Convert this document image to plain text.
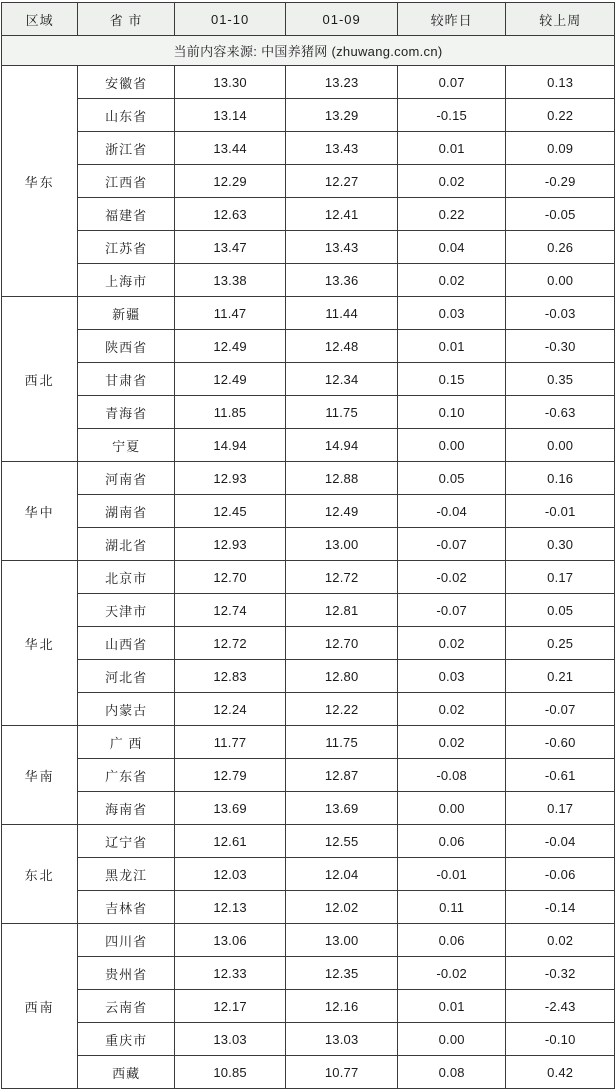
区域	省 市	01-10	01-09	较昨日	较上周
当前内容来源: 中国养猪网 (zhuwang.com.cn)					
华东	安徽省	13.30	13.23	0.07	0.13
	山东省	13.14	13.29	-0.15	0.22
	浙江省	13.44	13.43	0.01	0.09
	江西省	12.29	12.27	0.02	-0.29
	福建省	12.63	12.41	0.22	-0.05
	江苏省	13.47	13.43	0.04	0.26
	上海市	13.38	13.36	0.02	0.00
西北	新疆	11.47	11.44	0.03	-0.03
	陕西省	12.49	12.48	0.01	-0.30
	甘肃省	12.49	12.34	0.15	0.35
	青海省	11.85	11.75	0.10	-0.63
	宁夏	14.94	14.94	0.00	0.00
华中	河南省	12.93	12.88	0.05	0.16
	湖南省	12.45	12.49	-0.04	-0.01
	湖北省	12.93	13.00	-0.07	0.30
华北	北京市	12.70	12.72	-0.02	0.17
	天津市	12.74	12.81	-0.07	0.05
	山西省	12.72	12.70	0.02	0.25
	河北省	12.83	12.80	0.03	0.21
	内蒙古	12.24	12.22	0.02	-0.07
华南	广 西	11.77	11.75	0.02	-0.60
	广东省	12.79	12.87	-0.08	-0.61
	海南省	13.69	13.69	0.00	0.17
东北	辽宁省	12.61	12.55	0.06	-0.04
	黑龙江	12.03	12.04	-0.01	-0.06
	吉林省	12.13	12.02	0.11	-0.14
西南	四川省	13.06	13.00	0.06	0.02
	贵州省	12.33	12.35	-0.02	-0.32
	云南省	12.17	12.16	0.01	-2.43
	重庆市	13.03	13.03	0.00	-0.10
	西藏	10.85	10.77	0.08	0.42
